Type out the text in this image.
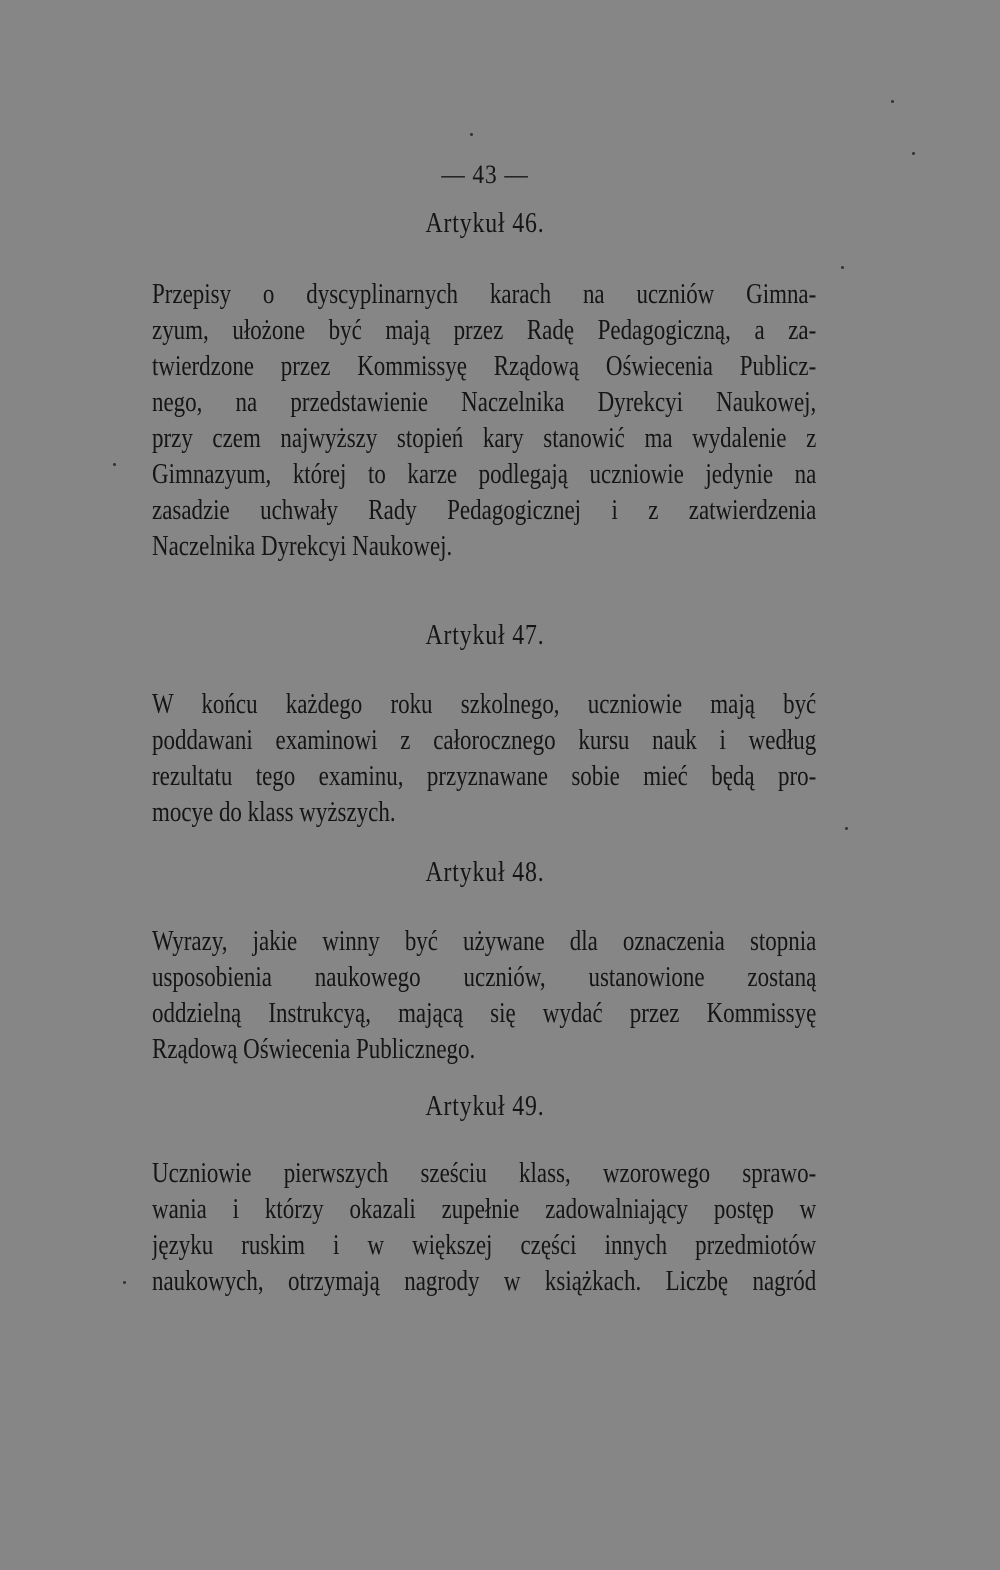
— 43 —
Artykuł 46.
Przepisy o dyscyplinarnych karach na uczniów Gimna-
zyum, ułożone być mają przez Radę Pedagogiczną, a za-
twierdzone przez Kommissyę Rządową Oświecenia Publicz-
nego, na przedstawienie Naczelnika Dyrekcyi Naukowej,
przy czem najwyższy stopień kary stanowić ma wydalenie z
Gimnazyum, której to karze podlegają uczniowie jedynie na
zasadzie uchwały Rady Pedagogicznej i z zatwierdzenia
Naczelnika Dyrekcyi Naukowej.
Artykuł 47.
W końcu każdego roku szkolnego, uczniowie mają być
poddawani examinowi z całorocznego kursu nauk i według
rezultatu tego examinu, przyznawane sobie mieć będą pro-
mocye do klass wyższych.
Artykuł 48.
Wyrazy, jakie winny być używane dla oznaczenia stopnia
usposobienia naukowego uczniów, ustanowione zostaną
oddzielną Instrukcyą, mającą się wydać przez Kommissyę
Rządową Oświecenia Publicznego.
Artykuł 49.
Uczniowie pierwszych sześciu klass, wzorowego sprawo-
wania i którzy okazali zupełnie zadowalniający postęp w
języku ruskim i w większej części innych przedmiotów
naukowych, otrzymają nagrody w książkach. Liczbę nagród
